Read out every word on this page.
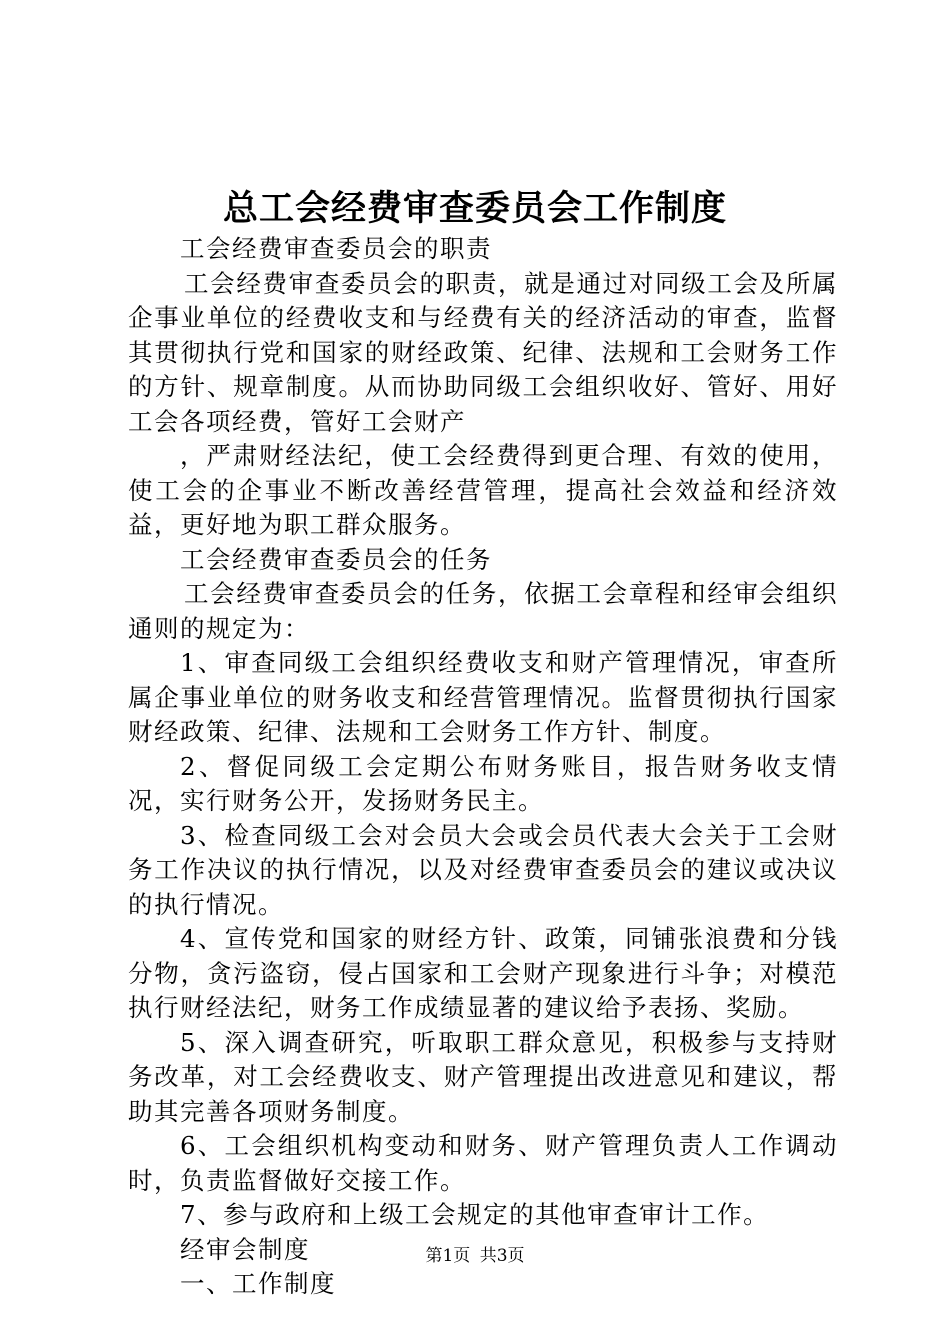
总工会经费审查委员会工作制度

工会经费审查委员会的职责

工会经费审查委员会的职责，就是通过对同级工会及所属企事业单位的经费收支和与经费有关的经济活动的审查，监督其贯彻执行党和国家的财经政策、纪律、法规和工会财务工作的方针、规章制度。从而协助同级工会组织收好、管好、用好工会各项经费，管好工会财产

，严肃财经法纪，使工会经费得到更合理、有效的使用，使工会的企事业不断改善经营管理，提高社会效益和经济效益，更好地为职工群众服务。

工会经费审查委员会的任务

工会经费审查委员会的任务，依据工会章程和经审会组织通则的规定为：

1、审查同级工会组织经费收支和财产管理情况，审查所属企事业单位的财务收支和经营管理情况。监督贯彻执行国家财经政策、纪律、法规和工会财务工作方针、制度。

2、督促同级工会定期公布财务账目，报告财务收支情况，实行财务公开，发扬财务民主。

3、检查同级工会对会员大会或会员代表大会关于工会财务工作决议的执行情况，以及对经费审查委员会的建议或决议的执行情况。

4、宣传党和国家的财经方针、政策，同铺张浪费和分钱分物，贪污盗窃，侵占国家和工会财产现象进行斗争；对模范执行财经法纪，财务工作成绩显著的建议给予表扬、奖励。

5、深入调查研究，听取职工群众意见，积极参与支持财务改革，对工会经费收支、财产管理提出改进意见和建议，帮助其完善各项财务制度。

6、工会组织机构变动和财务、财产管理负责人工作调动时，负责监督做好交接工作。

7、参与政府和上级工会规定的其他审查审计工作。

经审会制度

一、工作制度

第1页 共3页
